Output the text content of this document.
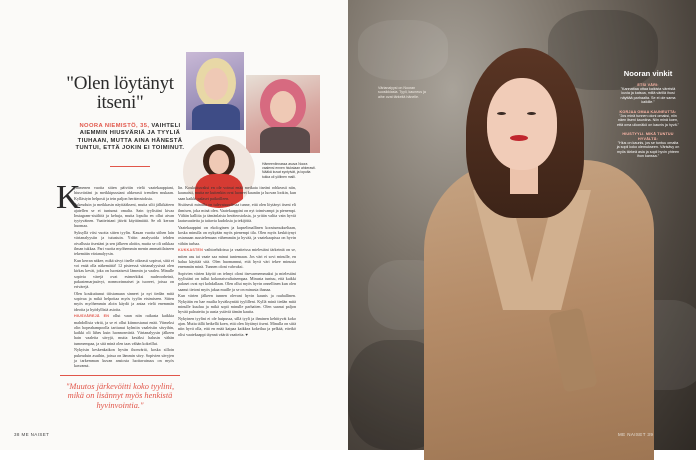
"Olen löytänyt itseni"
NOORA NIEMISTÖ, 35, VAIHTELI AIEMMIN HIUSVÄRIÄ JA TYYLIÄ TIUHAAN, MUTTA AINA HÄNESTÄ TUNTUI, ETTÄ JOKIN EI TOIMINUT.
Hämeenlinnassa asuva Noora vaalensi ennen hiuksiaan ahkerasti. Nääkä kuvat syntyivät, ja lopulta tukka oli yöllinen malli.
K

ymmenen vuotta sitten päivitin vielä vaatekaappiani, hiusväriäni ja meikkipussiani ahkerasti trendien mukaan. Kyllästyin helposti ja tein paljon heräteostoksia.

Pukeuduin ja meikkasin näyttääkseni, mutta silti jälkikäteen ajatellen se ei tuntunut omalta. Sain tyylistäni kivaa Instagram-sisältöä ja kehuja, mutta lopulta en ollut aivan tyytyväinen. Vaatteistani jäivät käyttämättä. Se oli kerran huomaa.

Syksyllä viisi vuotta sitten tyylin. Kauan vuotta siihen lain värianalyysiin ja tutustuin. Yritin analysoida tehden oivallusta itsestäni ja sen jälkeen aloitin, mutta se oli raikkaa ilman tukkaa. Pari vuotta myöhemmin menin ammattilaiseen tekemään värianalyysin.

Kun kerran näkee, mikä sävyt itselle oikeasti sopivat, siitä ei voi enää olla näkemättä! 12 pisteessä värianalyysissä olen kirkas kevät, joka on luontaisesti lämmin ja vaalea. Minulle sopivia värejä ovat esimerkiksi nudeoorheinä, pakastemarjasävyt, nonmorinnaiset ja tuoreet, joissa on erivärejä.

Olen koukuttunut tiiistamaan sinneet ja nyt tiedän mitä sopivaa ja mikä helpottaa myös tyylin etsimiseen. Sitten myös myöhemmin aloin käydä ja antaa vielä enemmän ideoita ja hyödyllisiä asioita.

HIUSVÄREJÄ EN ollut vaan niin raikasta kaikkia mahdollisia väriä, ja se ei ollut kiinnostanut enää. Viimeksi olin hopeahampoolla tarttunut kylmiin vaaleisiin sävyihin, kaikki oli lähes kuin luonnonväriä. Värianalyysin jälkeen hain vaaleita sävyjä, mutta kesäksi halusin vähän tummempaa, ja sitä minä olen taas vähän kokeillut.

Nykyisin keskenkaikon hyvän ihonväriä, koska silloin pukeuduin asuihin, joissa on lämmin sävy. Sopivien sävyjen ja tarkemman kuvan ansiosta luottavaisuus on myös kasvanut.

"Muutos järkevöitti koko tyylini, mikä on lisännyt myös henkistä hyvinvointia."

lin. Koukuttuvaksi en ole voinut enää meikata itseäni rohkeasti niin, kaunaisti, mutta ne kuitenkin ovat luoneet kauniin ja luovan lookin, kun saan kaikki palaset paikoilleen.

Sisäisesti minulla on tulevaisuudessa tunne, että olen löytänyt itseni eli ihmisen, joka minä olen. Vaatekaappini on nyt toimivampi ja pienempi. Vältän kalliita ja tämänlaisia heräteostoksia, ja yritän valita vain hyviä laatuvaatteita ja taitavia kudoksia ja tekijöitä.

Vaatekaappini on ekologinen ja kapselimallinen koostumukseltaan, koska minulla on nykyään myös pienempi tila. Olen myös keskittynyt ostamaan asustelemaan vähemmän ja hyvää, ja vaatekaapissa on hyvin vähän turhaa.

KUKKASTEN vaihtoehdoissa ja vaatteissa mielestäni tärkeintä on se, miten asu tai vaate saa minut tuntemaan. Jos väri ei sovi minulle, en halua käyttää sitä. Olen huomannut, että hyvä väri tekee minusta enemmän minä. Tunnen oloni vahvaksi.

Sopivien värien käyttö on tehnyt oloni itsevarmemmaksi ja mielestäni tyylistäni on tullut kokonaisvaltaisempaa. Minusta tuntuu, että kaikki palaset ovat nyt kohdallaan. Olen ollut myös hyvin onnellinen kun olen saanut tietoni myös jakaa muille ja se on minusta ihanaa.

Kun värien jälkeen tunnen olevani hyvin kaunis ja rauhallinen. Nykyään en hae muilta hyväksyntää tyylilleni. Kyllä minä tiedän mitä minulle kuuluu ja mikä sopii minulle parhaiten. Olen saanut paljon hyvää palautetta ja uusia ystäviä tämän kautta.

Nykyinen tyylini ei ole huipussa, sillä tyyli ja ihminen kehittyvät koko ajan. Mutta tällä hetkellä koen, että olen löytänyt itseni. Minulla on siitä niin hyvä olla, että en enää kaipaa kaikkea kokeilua ja pelkää, etteikö olisi vaatekaappi täynnä vääriä vaatteita. ♥

38 ME NAISET
Värianalyysi on Nooran suosikkiasia. Tyyli, kauneus ja aihe ovat tärkeitä hänelle.
Nooran vinkit
ETSI VÄRI:
"Kannattaa ottaa kaikista väreistä kuvia ja katsoa, millä värillä ihosi näyttää parhaalta. Se ei ole sama kaikille."
KORJAA OMAA KAUNEUTTA:
"Jos minä tunnen oloni omaksi, niin näen itseni kauniina. Niin minä koen, että oma ulkonäkö on kaunis ja hyvä."
HIUSTYYLI. MIKÄ TUNTUU HYVÄLTÄ:
"Hius on kaunis, jos se tuntuu omalta ja sopii koko olemukseen. Värisävy on myös tärkeä asia ja sopii hyvin yhteen ihon kanssa."
ME NAISET 39
